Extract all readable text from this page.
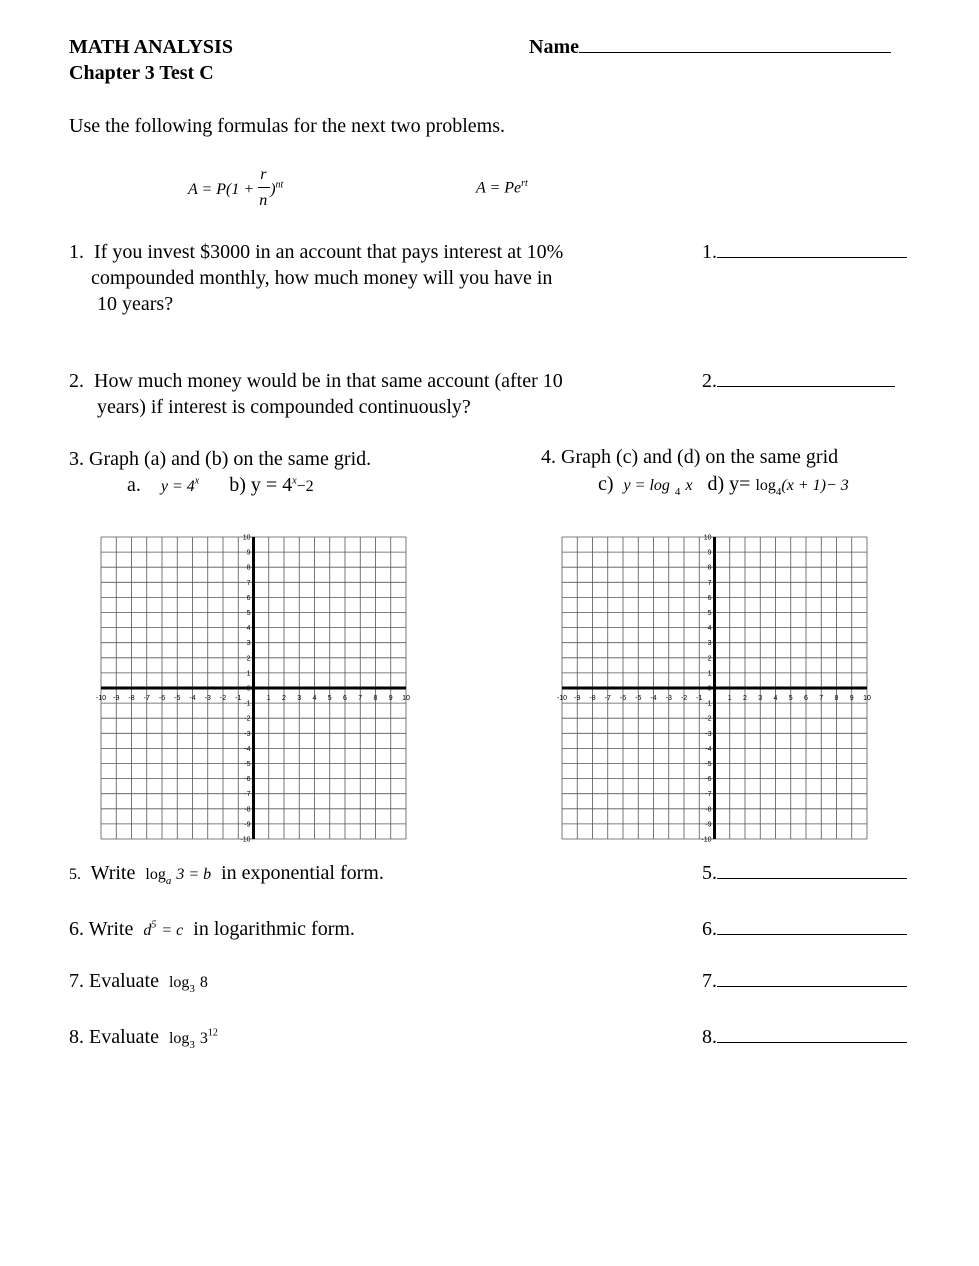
MATH ANALYSIS
Chapter 3 Test C
Name
Use the following formulas for the next two problems.
$A = P(1 + \frac{r}{n} )^{nt}$	$A = Pe^{rt}$
1. If you invest $3000 in an account that pays interest at 10%
compounded monthly, how much money will you have in
10 years?
1.
2. How much money would be in that same account (after 10
years) if interest is compounded continuously?
2.
3. Graph (a) and (b) on the same grid.
a. $y = 4^x$ b) $y = 4^x-2$
4. Graph (c) and (d) on the same grid
c) y = log $_4$ x d) $y= \log_4(x + 1)- 3$
-10 -9 -8 -7 -6 -5 -4 -3 -2 -1	1 2 3 4 5 6 7 8 9 10
10
9
8
7
6
5
4
3
2
1
-1
-2
-3
-4
-5
-6
-7
-8
-9
-10
0
-10 -9 -8 -7 -6 -5 -4 -3 -2 -1	1 2 3 4 5 6 7 8 9 10
10
9
8
7
6
5
4
3
2
1
-1
-2
-3
-4
-5
-6
-7
-8
-9
-10
0
5. Write $\log_a 3 = b$ in exponential form.	5.
6. Write $d^5 = c$ in logarithmic form.	6.
7. Evaluate $\log_3 8$	7.
8. Evaluate $\log_3 3^{12}$	8.
